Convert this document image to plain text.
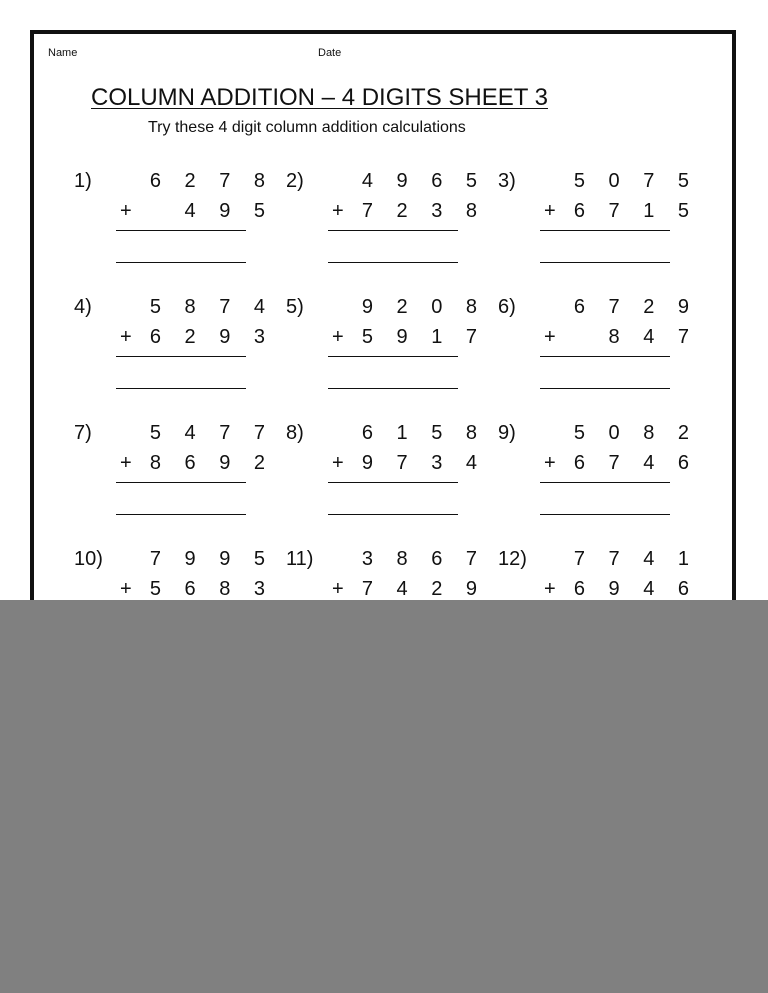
Name	Date
COLUMN ADDITION – 4 DIGITS SHEET 3
Try these 4 digit column addition calculations
1)	6 2 7 8
+	4 9 5
2)	4 9 6 5
+ 7 2 3 8
3)	5 0 7 5
+ 6 7 1 5
4)	5 8 7 4
+ 6 2 9 3
5)	9 2 0 8
+ 5 9 1 7
6)	6 7 2 9
+	8 4 7
7)	5 4 7 7
+ 8 6 9 2
8)	6 1 5 8
+ 9 7 3 4
9)	5 0 8 2
+ 6 7 4 6
10) 7 9 9 5
+ 5 6 8 3
11) 3 8 6 7
+ 7 4 2 9
12) 7 7 4 1
+ 6 9 4 6
